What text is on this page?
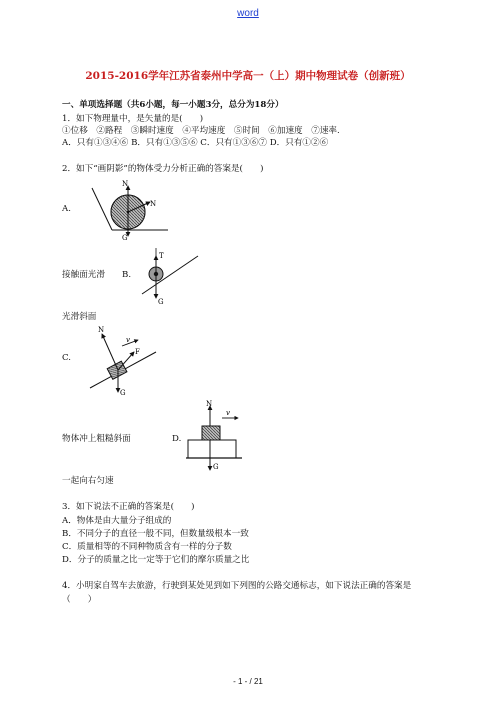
word
2015-2016学年江苏省泰州中学高一（上）期中物理试卷（创新班）
一、单项选择题（共6小题，每一小题3分，总分为18分）
1．如下物理量中，是矢量的是(　　)
①位移　②路程　③瞬时速度　④平均速度　⑤时间　⑥加速度　⑦速率.
A．只有①③④⑥ B．只有①③⑤⑥ C．只有①③⑥⑦ D．只有①②⑥
2．如下“画阴影”的物体受力分析正确的答案是(　　)
A.
N
N
G
接触面光滑 B.
T
G
光滑斜面
C.
N
F
v
G
物体冲上粗糙斜面	D.
N
v
G
一起向右匀速
3．如下说法不正确的答案是(　　)
A．物体是由大量分子组成的
B．不同分子的直径一般不同，但数量级根本一致
C．质量相等的不同种物质含有一样的分子数
D．分子的质量之比一定等于它们的摩尔质量之比
4．小明家自驾车去旅游，行驶到某处见到如下列图的公路交通标志，如下说法正确的答案是
（　　）
- 1 - / 21
